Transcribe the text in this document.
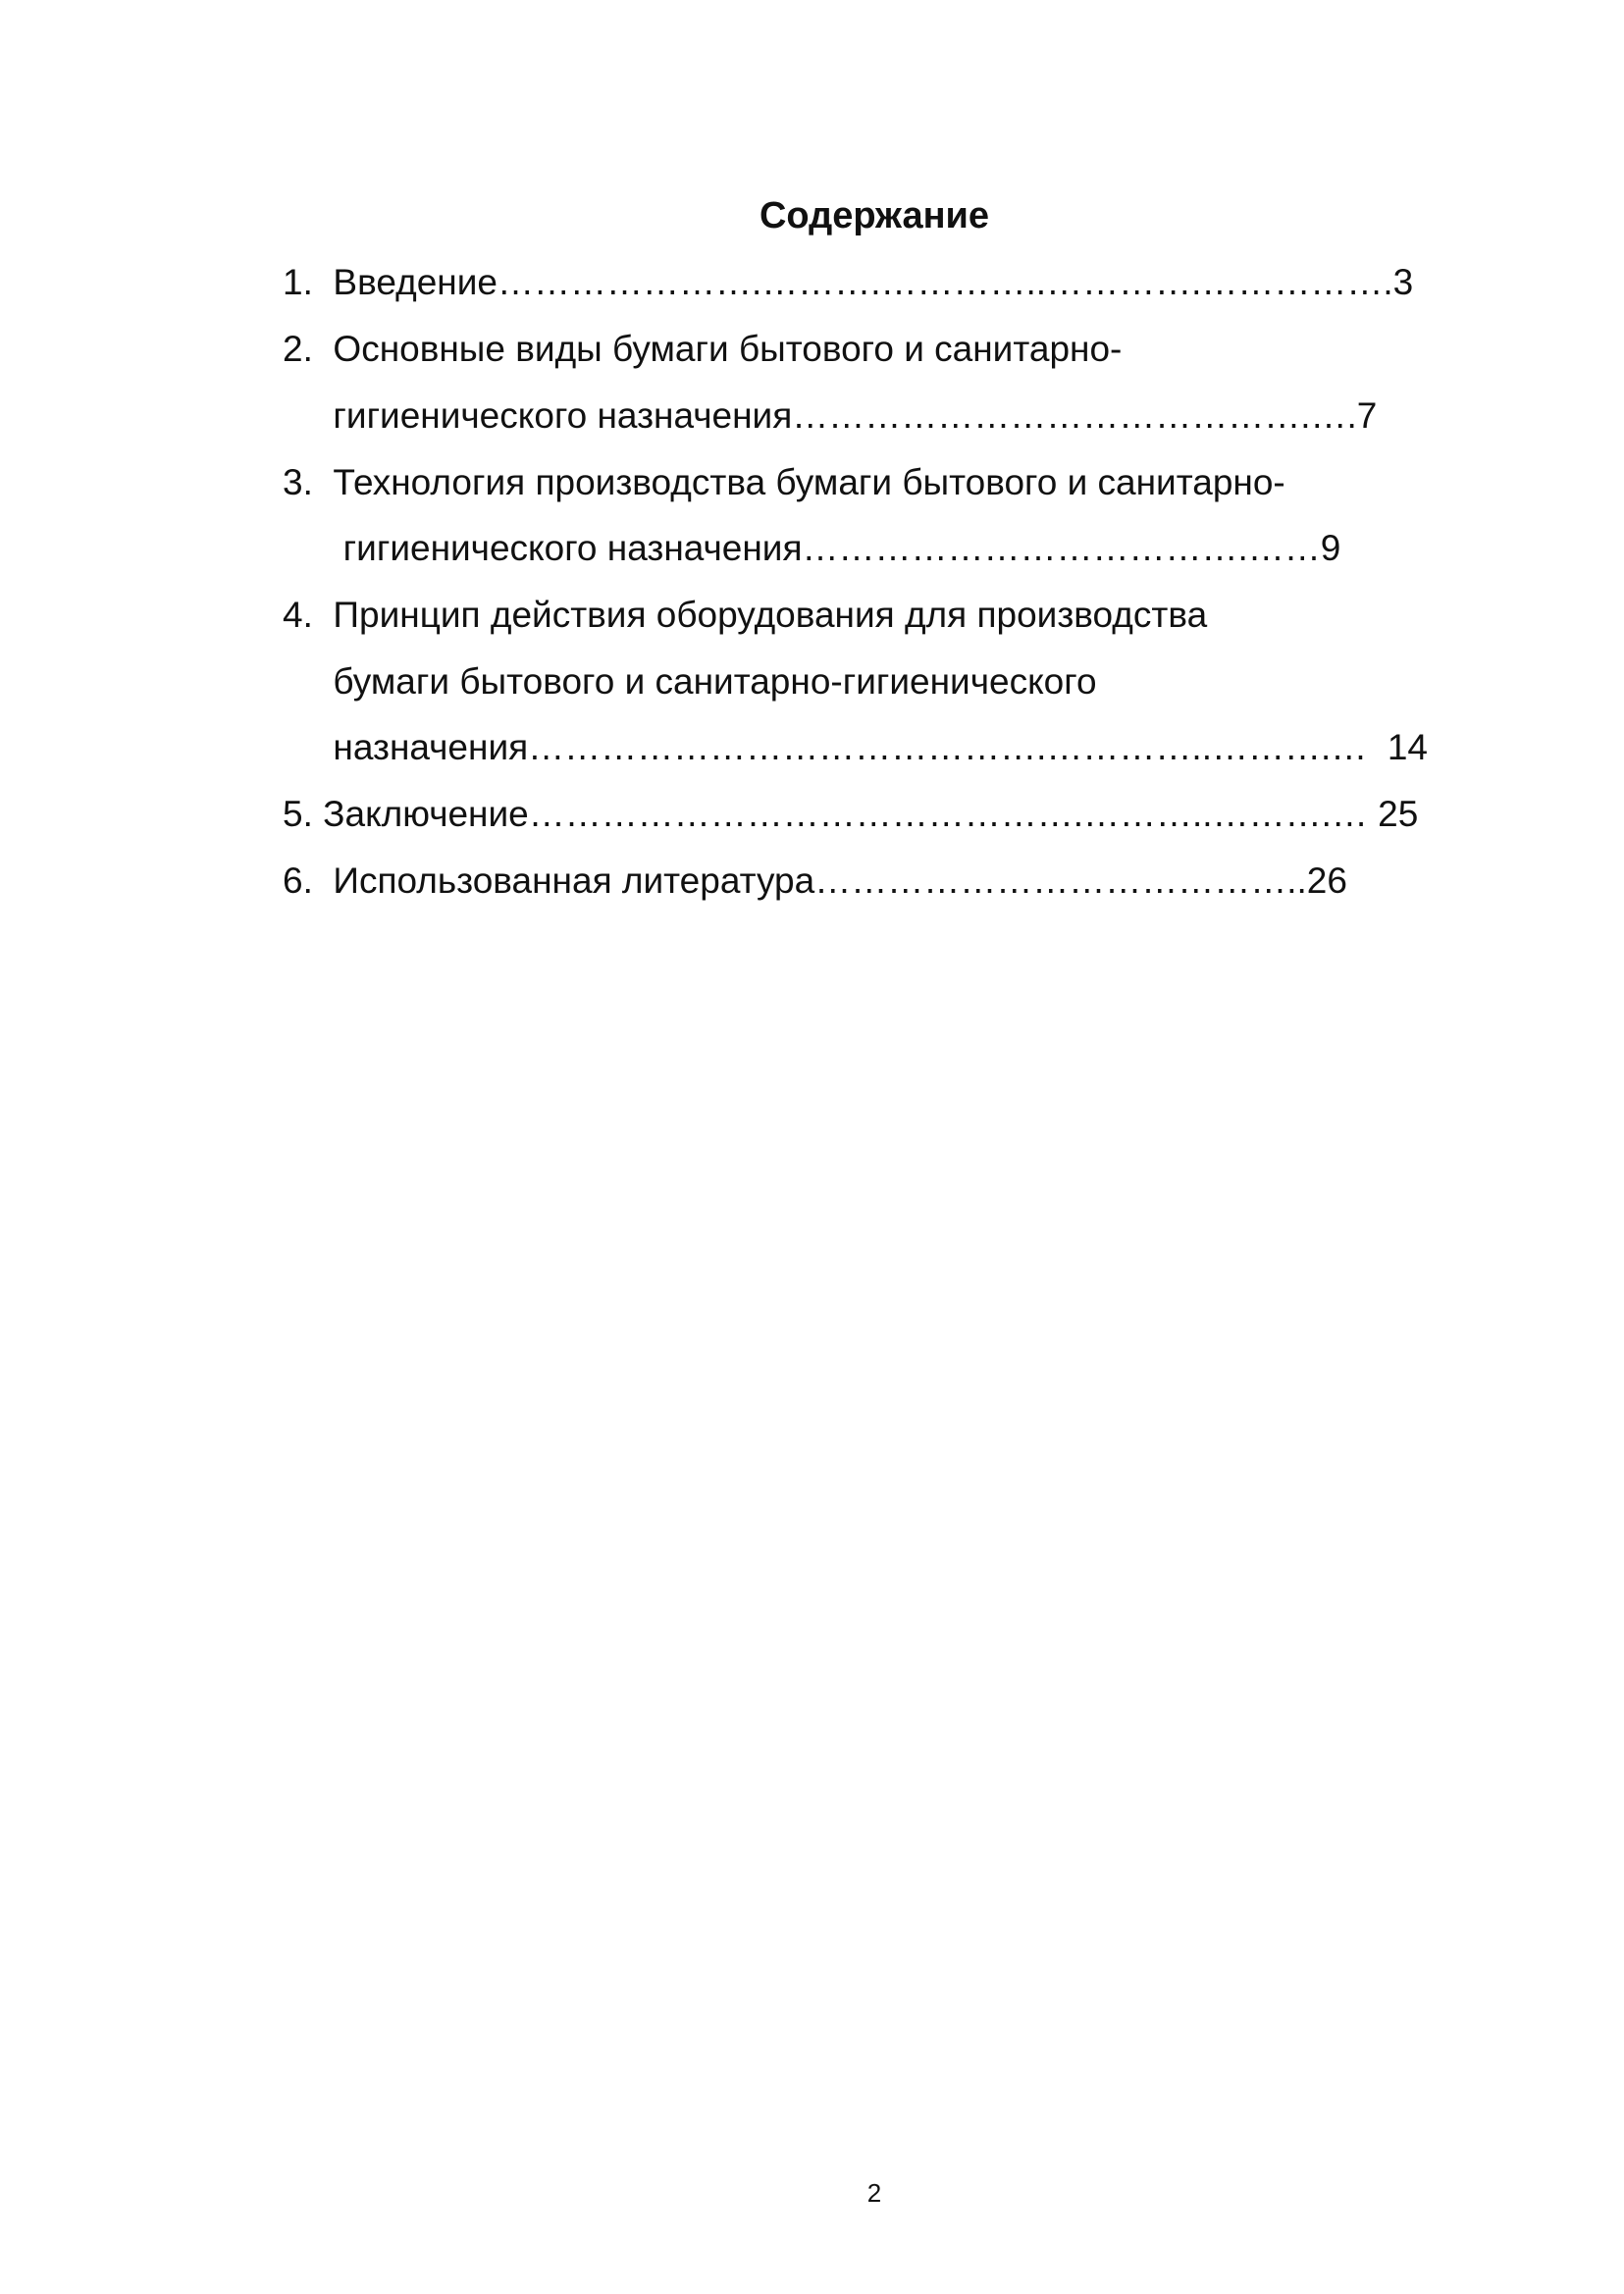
Содержание
1.  Введение………………….……….…………..………….…………….3
2.  Основные виды бумаги бытового и санитарно-
гигиенического назначения…………………………………….….7
3.  Технология производства бумаги бытового и санитарно-
гигиенического назначения……………………………….……9
4.  Принцип действия оборудования для производства
бумаги бытового и санитарно-гигиенического
назначения…………………………………….…………..……….…  14
5. Заключение……………………………………….………..……….… 25
6.  Использованная литература…………………………………..26
2
